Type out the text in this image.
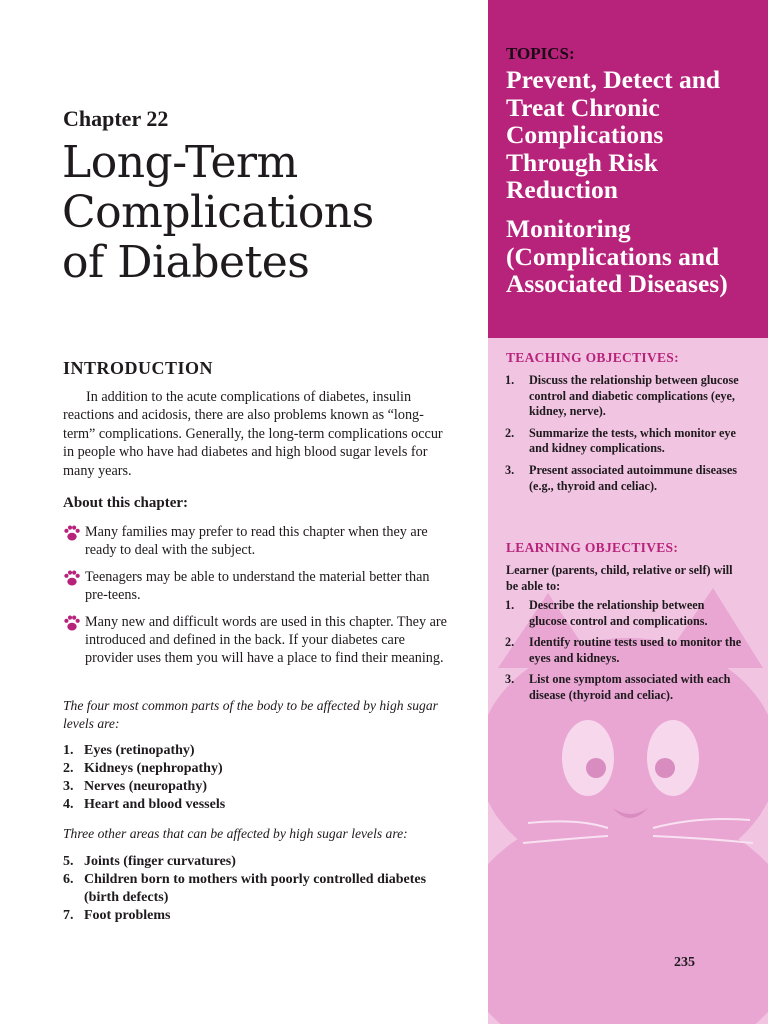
Chapter 22
Long-Term
Complications
of Diabetes
INTRODUCTION

In addition to the acute complications of diabetes, insulin reactions and acidosis, there are also problems known as “long-term” complications. Generally, the long-term complications occur in people who have had diabetes and high blood sugar levels for many years.

About this chapter:
Many families may prefer to read this chapter when they are ready to deal with the subject.
Teenagers may be able to understand the material better than pre-teens.
Many new and difficult words are used in this chapter. They are introduced and defined in the back. If your diabetes care provider uses them you will have a place to find their meaning.

The four most common parts of the body to be affected by high sugar levels are:

1. Eyes (retinopathy)
2. Kidneys (nephropathy)
3. Nerves (neuropathy)
4. Heart and blood vessels

Three other areas that can be affected by high sugar levels are:

5. Joints (finger curvatures)
6. Children born to mothers with poorly controlled diabetes (birth defects)
7. Foot problems
TOPICS:
Prevent, Detect and Treat Chronic Complications Through Risk Reduction
Monitoring (Complications and Associated Diseases)
TEACHING OBJECTIVES:
1.	Discuss the relationship between glucose control and diabetic complications (eye, kidney, nerve).
2.	Summarize the tests, which monitor eye and kidney complications.
3.	Present associated autoimmune diseases (e.g., thyroid and celiac).
LEARNING OBJECTIVES:

Learner (parents, child, relative or self) will be able to:

1.	Describe the relationship between glucose control and complications.
2.	Identify routine tests used to monitor the eyes and kidneys.
3.	List one symptom associated with each disease (thyroid and celiac).
235
